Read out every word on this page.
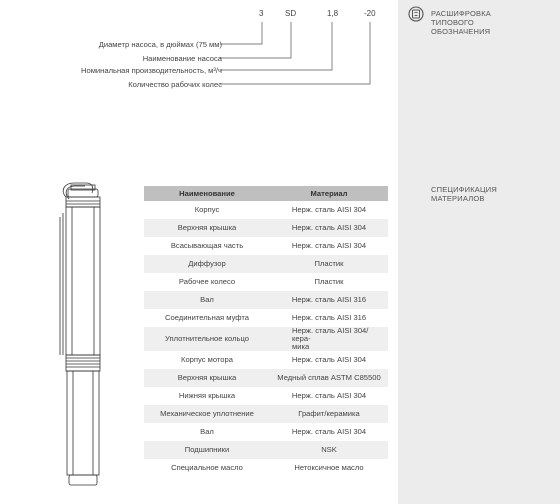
РАСШИФРОВКА
ТИПОВОГО
ОБОЗНАЧЕНИЯ
СПЕЦИФИКАЦИЯ
МАТЕРИАЛОВ
3	SD	1,8	-20
Диаметр насоса, в дюймах (75 мм)
Наименование насоса
Номинальная производительность, м³/ч
Количество рабочих колес
Наименование	Материал
Корпус	Нерж. сталь AISI 304
Верхняя крышка	Нерж. сталь AISI 304
Всасывающая часть	Нерж. сталь AISI 304
Диффузор	Пластик
Рабочее колесо	Пластик
Вал	Нерж. сталь AISI 316
Соединительная муфта	Нерж. сталь AISI 316
Уплотнительное кольцо	Нерж. сталь AISI 304/кера-
мика
Корпус мотора	Нерж. сталь AISI 304
Верхняя крышка	Медный сплав ASTM C85500
Нижняя крышка	Нерж. сталь AISI 304
Механическое уплотнение	Графит/керамика
Вал	Нерж. сталь AISI 304
Подшипники	NSK
Специальное масло	Нетоксичное масло
